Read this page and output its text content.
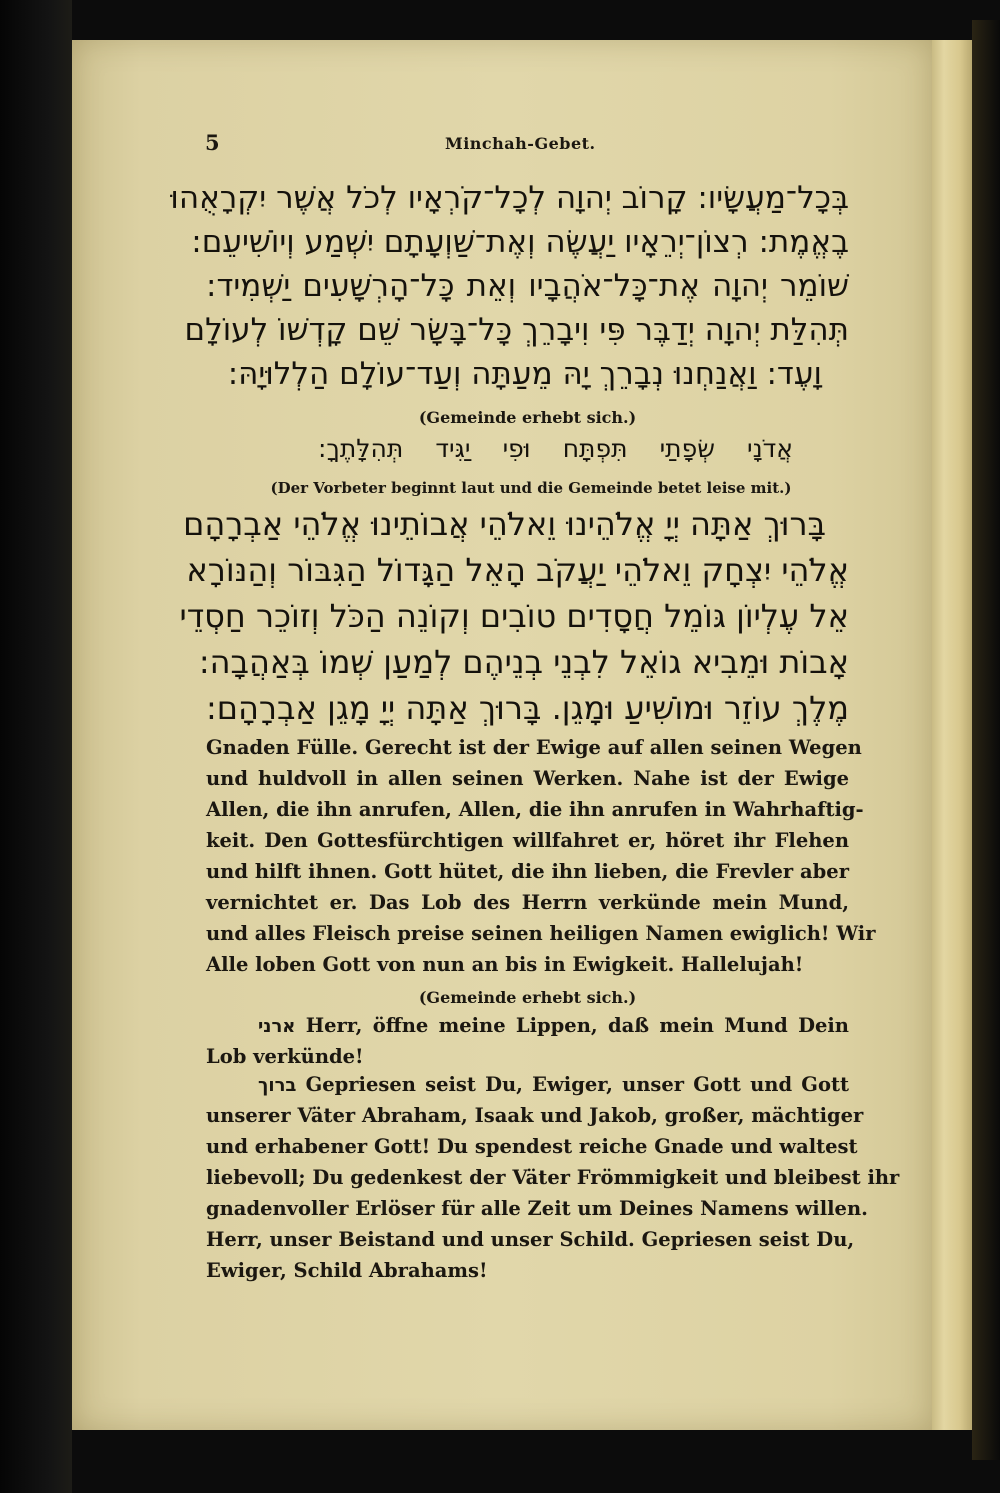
5	Minchah-Gebet.
בְּכָל־מַעֲשָׂיו: קָרוֹב יְהוָה לְכָל־קֹרְאָיו לְכֹל אֲשֶׁר יִקְרָאֻהוּ
בֶאֱמֶת: רְצוֹן־יְרֵאָיו יַעֲשֶׂה וְאֶת־שַׁוְעָתָם יִשְׁמַע וְיוֹשִׁיעֵם:
שׁוֹמֵר יְהוָה אֶת־כָּל־אֹהֲבָיו וְאֵת כָּל־הָרְשָׁעִים יַשְׁמִיד:
תְּהִלַּת יְהוָה יְדַבֶּר פִּי וִיבָרֵךְ כָּל־בָּשָׂר שֵׁם קָדְשׁוֹ לְעוֹלָם
וָעֶד: וַאֲנַחְנוּ נְבָרֵךְ יָהּ מֵעַתָּה וְעַד־עוֹלָם הַלְלוּיָהּ:
(Gemeinde erhebt sich.)
אֲדֹנָי שְׂפָתַי תִּפְתָּח וּפִי יַגִּיד תְּהִלָּתֶךָ:
(Der Vorbeter beginnt laut und die Gemeinde betet leise mit.)
בָּרוּךְ אַתָּה יְיָ אֱלֹהֵינוּ וֵאלֹהֵי אֲבוֹתֵינוּ אֱלֹהֵי אַבְרָהָם
אֱלֹהֵי יִצְחָק וֵאלֹהֵי יַעֲקֹב הָאֵל הַגָּדוֹל הַגִּבּוֹר וְהַנּוֹרָא
אֵל עֶלְיוֹן גּוֹמֵל חֲסָדִים טוֹבִים וְקוֹנֵה הַכֹּל וְזוֹכֵר חַסְדֵי
אָבוֹת וּמֵבִיא גוֹאֵל לִבְנֵי בְנֵיהֶם לְמַעַן שְׁמוֹ בְּאַהֲבָה:
מֶלֶךְ עוֹזֵר וּמוֹשִׁיעַ וּמָגֵן. בָּרוּךְ אַתָּה יְיָ מָגֵן אַבְרָהָם:
Gnaden Fülle. Gerecht ist der Ewige auf allen seinen Wegen
und huldvoll in allen seinen Werken. Nahe ist der Ewige
Allen, die ihn anrufen, Allen, die ihn anrufen in Wahrhaftig-
keit. Den Gottesfürchtigen willfahret er, höret ihr Flehen
und hilft ihnen. Gott hütet, die ihn lieben, die Frevler aber
vernichtet er. Das Lob des Herrn verkünde mein Mund,
und alles Fleisch preise seinen heiligen Namen ewiglich! Wir
Alle loben Gott von nun an bis in Ewigkeit. Hallelujah!
(Gemeinde erhebt sich.)
ארני Herr, öffne meine Lippen, daß mein Mund Dein
Lob verkünde!
ברוך Gepriesen seist Du, Ewiger, unser Gott und Gott
unserer Väter Abraham, Isaak und Jakob, großer, mächtiger
und erhabener Gott! Du spendest reiche Gnade und waltest
liebevoll; Du gedenkest der Väter Frömmigkeit und bleibest ihr
gnadenvoller Erlöser für alle Zeit um Deines Namens willen.
Herr, unser Beistand und unser Schild. Gepriesen seist Du,
Ewiger, Schild Abrahams!
